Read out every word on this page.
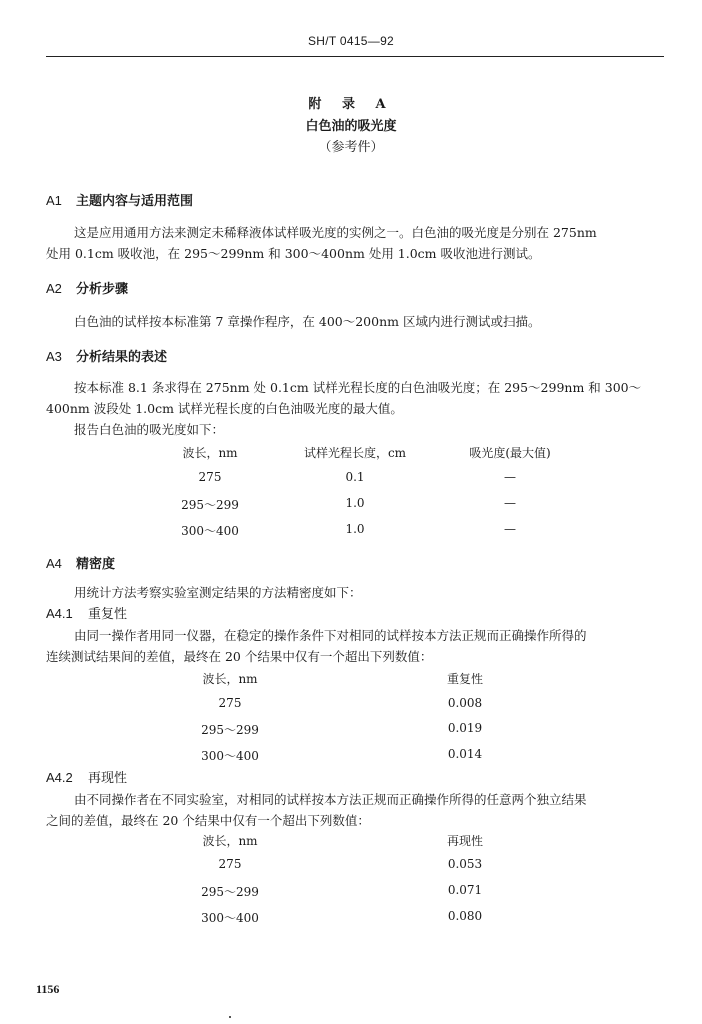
SH/T 0415—92
附 录 A
白色油的吸光度
（参考件）
A1 主题内容与适用范围
这是应用通用方法来测定未稀释液体试样吸光度的实例之一。白色油的吸光度是分别在 275nm
处用 0.1cm 吸收池，在 295～299nm 和 300～400nm 处用 1.0cm 吸收池进行测试。
A2 分析步骤
白色油的试样按本标准第 7 章操作程序，在 400～200nm 区域内进行测试或扫描。
A3 分析结果的表述
按本标准 8.1 条求得在 275nm 处 0.1cm 试样光程长度的白色油吸光度；在 295～299nm 和 300～
400nm 波段处 1.0cm 试样光程长度的白色油吸光度的最大值。
报告白色油的吸光度如下：
波长，nm	试样光程长度，cm	吸光度(最大值)
275	0.1	—
295～299	1.0	—
300～400	1.0	—
A4 精密度
用统计方法考察实验室测定结果的方法精密度如下：
A4.1 重复性
由同一操作者用同一仪器，在稳定的操作条件下对相同的试样按本方法正规而正确操作所得的
连续测试结果间的差值，最终在 20 个结果中仅有一个超出下列数值：
波长，nm	重复性
275	0.008
295～299	0.019
300～400	0.014
A4.2 再现性
由不同操作者在不同实验室，对相同的试样按本方法正规而正确操作所得的任意两个独立结果
之间的差值，最终在 20 个结果中仅有一个超出下列数值：
波长，nm	再现性
275	0.053
295～299	0.071
300～400	0.080
1156
